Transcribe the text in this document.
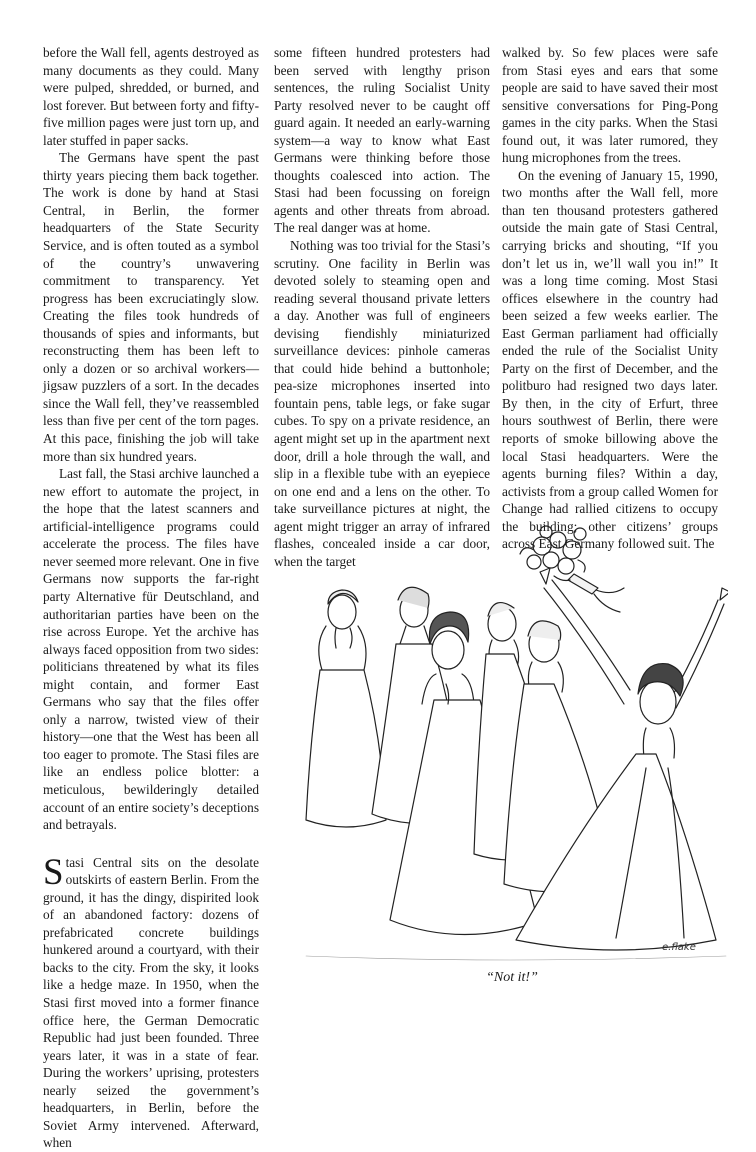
before the Wall fell, agents destroyed as many documents as they could. Many were pulped, shredded, or burned, and lost forever. But between forty and fifty-five million pages were just torn up, and later stuffed in paper sacks.

The Germans have spent the past thirty years piecing them back together. The work is done by hand at Stasi Central, in Berlin, the former headquarters of the State Security Service, and is often touted as a symbol of the country’s unwavering commitment to transparency. Yet progress has been excruciatingly slow. Creating the files took hundreds of thousands of spies and informants, but reconstructing them has been left to only a dozen or so archival workers—jigsaw puzzlers of a sort. In the decades since the Wall fell, they’ve reassembled less than five per cent of the torn pages. At this pace, finishing the job will take more than six hundred years.

Last fall, the Stasi archive launched a new effort to automate the project, in the hope that the latest scanners and artificial-intelligence programs could accelerate the process. The files have never seemed more relevant. One in five Germans now supports the far-right party Alternative für Deutschland, and authoritarian parties have been on the rise across Europe. Yet the archive has always faced opposition from two sides: politicians threatened by what its files might contain, and former East Germans who say that the files offer only a narrow, twisted view of their history—one that the West has been all too eager to promote. The Stasi files are like an endless police blotter: a meticulous, bewilderingly detailed account of an entire society’s deceptions and betrayals.

Stasi Central sits on the desolate outskirts of eastern Berlin. From the ground, it has the dingy, dispirited look of an abandoned factory: dozens of prefabricated concrete buildings hunkered around a courtyard, with their backs to the city. From the sky, it looks like a hedge maze. In 1950, when the Stasi first moved into a former finance office here, the German Democratic Republic had just been founded. Three years later, it was in a state of fear. During the workers’ uprising, protesters nearly seized the government’s headquarters, in Berlin, before the Soviet Army intervened. Afterward, when

some fifteen hundred protesters had been served with lengthy prison sentences, the ruling Socialist Unity Party resolved never to be caught off guard again. It needed an early-warning system—a way to know what East Germans were thinking before those thoughts coalesced into action. The Stasi had been focussing on foreign agents and other threats from abroad. The real danger was at home.

Nothing was too trivial for the Stasi’s scrutiny. One facility in Berlin was devoted solely to steaming open and reading several thousand private letters a day. Another was full of engineers devising fiendishly miniaturized surveillance devices: pinhole cameras that could hide behind a buttonhole; pea-size microphones inserted into fountain pens, table legs, or fake sugar cubes. To spy on a private residence, an agent might set up in the apartment next door, drill a hole through the wall, and slip in a flexible tube with an eyepiece on one end and a lens on the other. To take surveillance pictures at night, the agent might trigger an array of infrared flashes, concealed inside a car door, when the target

walked by. So few places were safe from Stasi eyes and ears that some people are said to have saved their most sensitive conversations for Ping-Pong games in the city parks. When the Stasi found out, it was later rumored, they hung microphones from the trees.

On the evening of January 15, 1990, two months after the Wall fell, more than ten thousand protesters gathered outside the main gate of Stasi Central, carrying bricks and shouting, “If you don’t let us in, we’ll wall you in!” It was a long time coming. Most Stasi offices elsewhere in the country had been seized a few weeks earlier. The East German parliament had officially ended the rule of the Socialist Unity Party on the first of December, and the politburo had resigned two days later. By then, in the city of Erfurt, three hours southwest of Berlin, there were reports of smoke billowing above the local Stasi headquarters. Were the agents burning files? Within a day, activists from a group called Women for Change had rallied citizens to occupy the building; other citizens’ groups across East Germany followed suit. The

e.flake
“Not it!”
